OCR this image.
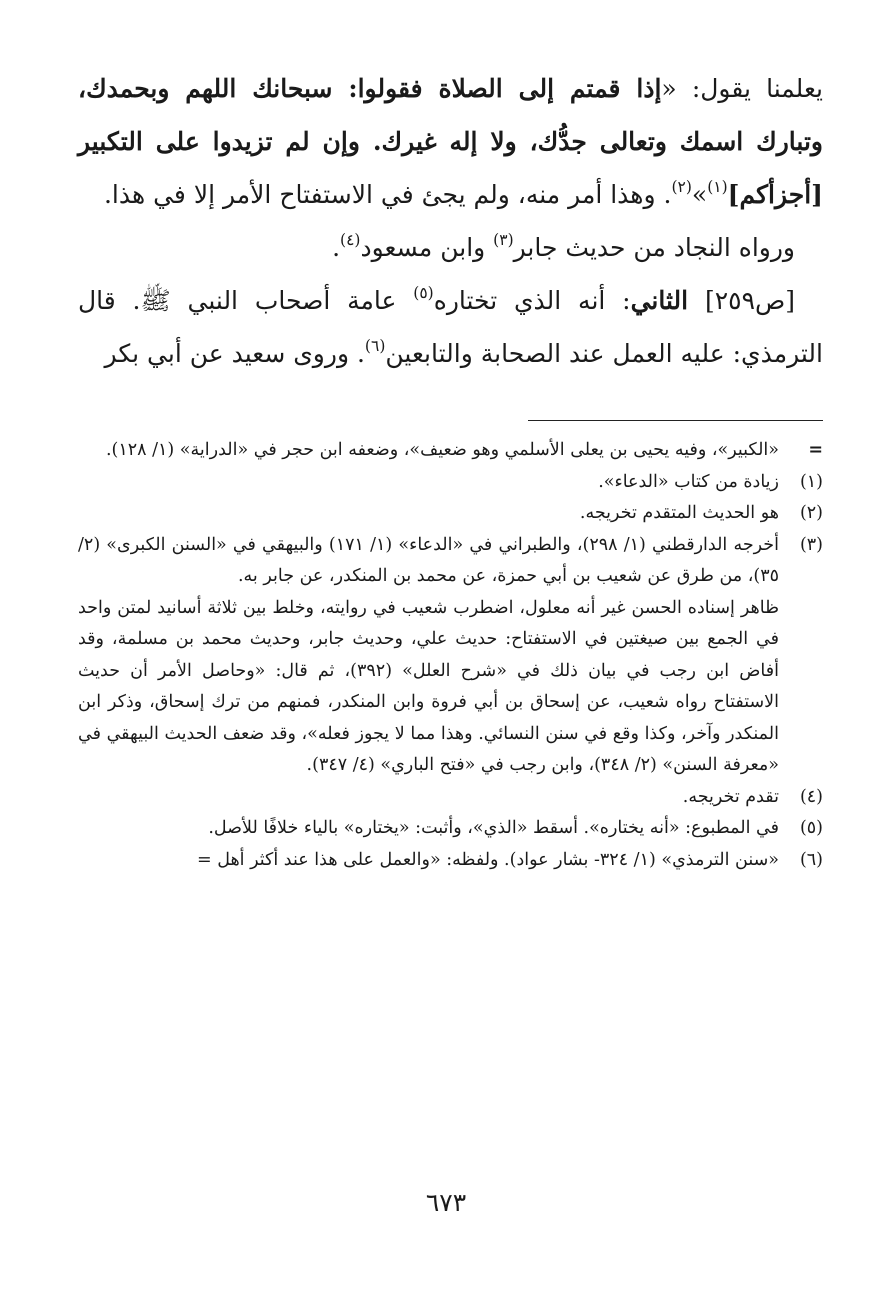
يعلمنا يقول: «إذا قمتم إلى الصلاة فقولوا: سبحانك اللهم وبحمدك، وتبارك اسمك وتعالى جدُّك، ولا إله غيرك. وإن لم تزيدوا على التكبير [أجزأكم]$^{(١)}$»$^{(٢)}$. وهذا أمر منه، ولم يجئ في الاستفتاح الأمر إلا في هذا.

ورواه النجاد من حديث جابر$^{(٣)}$ وابن مسعود$^{(٤)}$.

[ص٢٥٩] الثاني: أنه الذي تختاره$^{(٥)}$ عامة أصحاب النبي ﷺ. قال الترمذي: عليه العمل عند الصحابة والتابعين$^{(٦)}$. وروى سعيد عن أبي بكر

=
«الكبير»، وفيه يحيى بن يعلى الأسلمي وهو ضعيف»، وضعفه ابن حجر في «الدراية» (١/ ١٢٨).
(١)
زيادة من كتاب «الدعاء».
(٢)
هو الحديث المتقدم تخريجه.
(٣)
أخرجه الدارقطني (١/ ٢٩٨)، والطبراني في «الدعاء» (١/ ١٧١) والبيهقي في «السنن الكبرى» (٢/ ٣٥)، من طرق عن شعيب بن أبي حمزة، عن محمد بن المنكدر، عن جابر به.
ظاهر إسناده الحسن غير أنه معلول، اضطرب شعيب في روايته، وخلط بين ثلاثة أسانيد لمتن واحد في الجمع بين صيغتين في الاستفتاح: حديث علي، وحديث جابر، وحديث محمد بن مسلمة، وقد أفاض ابن رجب في بيان ذلك في «شرح العلل» (٣٩٢)، ثم قال: «وحاصل الأمر أن حديث الاستفتاح رواه شعيب، عن إسحاق بن أبي فروة وابن المنكدر، فمنهم من ترك إسحاق، وذكر ابن المنكدر وآخر، وكذا وقع في سنن النسائي. وهذا مما لا يجوز فعله»، وقد ضعف الحديث البيهقي في «معرفة السنن» (٢/ ٣٤٨)، وابن رجب في «فتح الباري» (٤/ ٣٤٧).
(٤)
تقدم تخريجه.
(٥)
في المطبوع: «أنه يختاره». أسقط «الذي»، وأثبت: «يختاره» بالياء خلافًا للأصل.
(٦)
«سنن الترمذي» (١/ ٣٢٤- بشار عواد). ولفظه: «والعمل على هذا عند أكثر أهل =
٦٧٣
